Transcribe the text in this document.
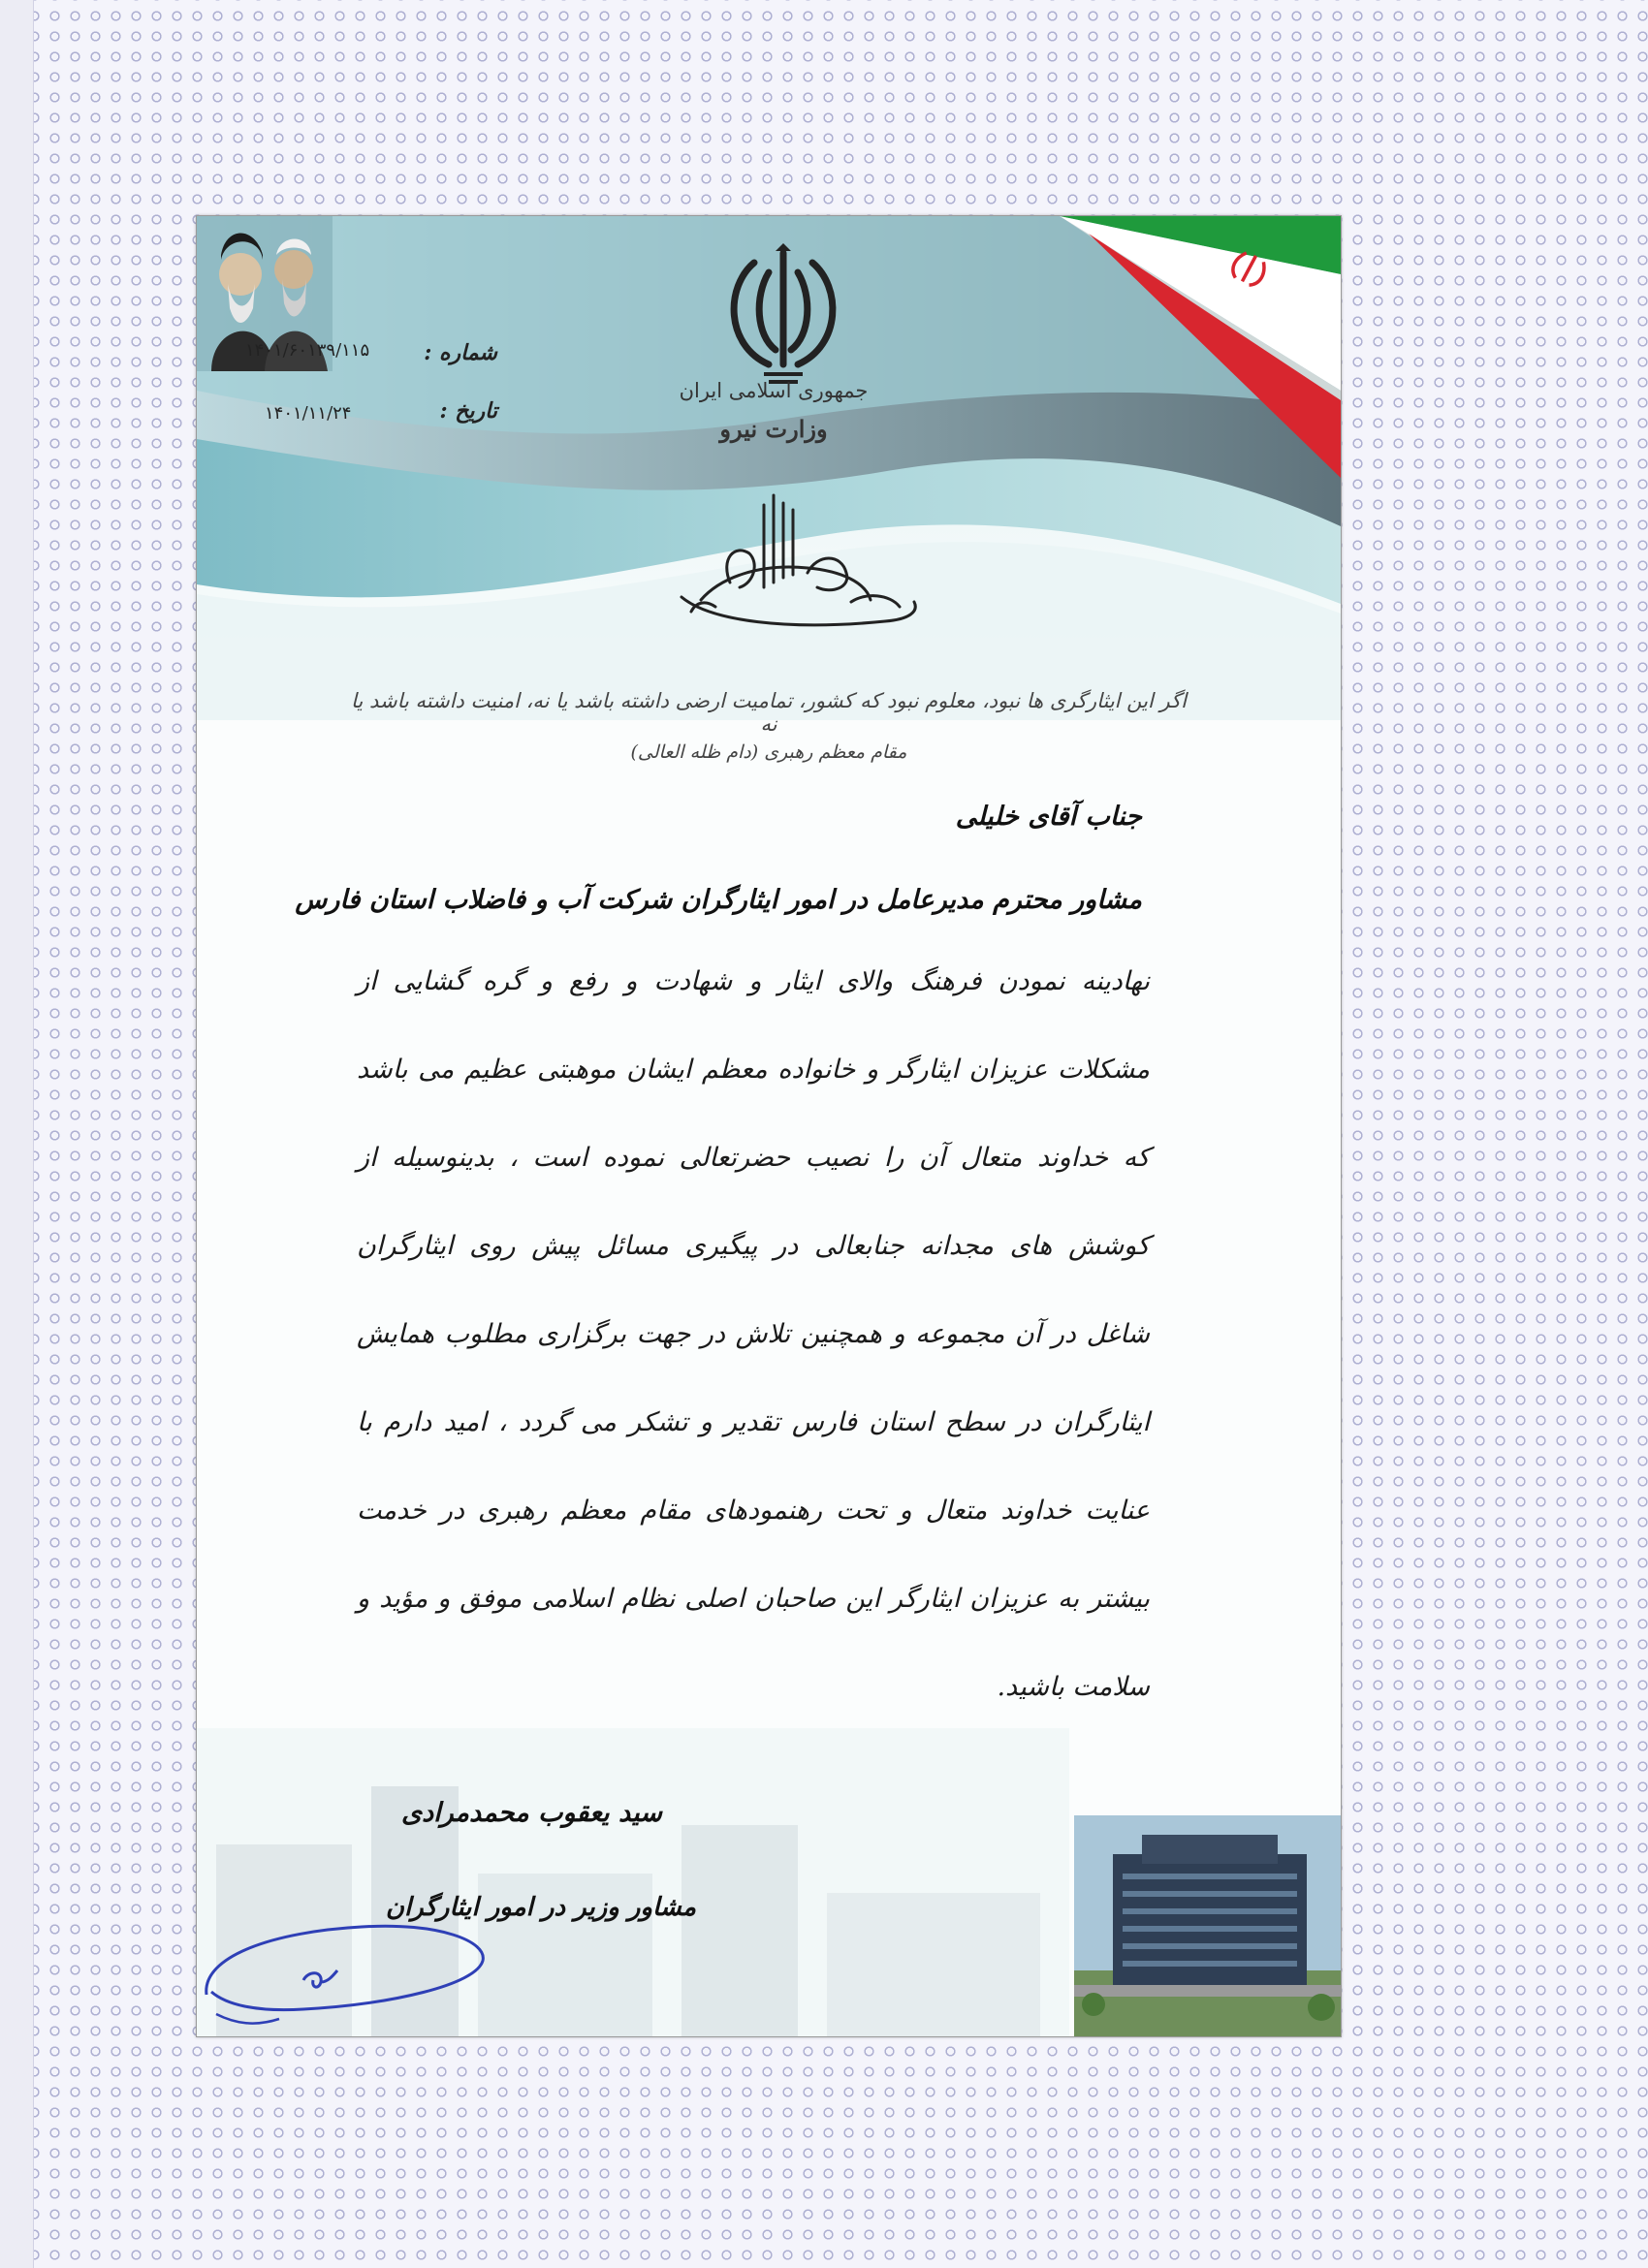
جمهوری اسلامی ایران
وزارت نیرو
شماره :
۱۴۰۱/۶۰۱۳۹/۱۱۵
تاریخ :
۱۴۰۱/۱۱/۲۴
اگر این ایثارگری ها نبود، معلوم نبود که کشور، تمامیت ارضی داشته باشد یا نه، امنیت داشته باشد یا نه
مقام معظم رهبری (دام ظله العالی)
جناب آقای خلیلی
مشاور محترم مدیرعامل در امور ایثارگران شرکت آب و فاضلاب استان فارس
نهادینه نمودن فرهنگ والای ایثار و شهادت و رفع و گره گشایی از مشکلات عزیزان ایثارگر و خانواده معظم ایشان موهبتی عظیم می باشد که خداوند متعال آن را نصیب حضرتعالی نموده است ، بدینوسیله از کوشش های مجدانه جنابعالی در پیگیری مسائل پیش روی ایثارگران شاغل در آن مجموعه و همچنین تلاش در جهت برگزاری مطلوب همایش ایثارگران در سطح استان فارس تقدیر و تشکر می گردد ، امید دارم با عنایت خداوند متعال و تحت رهنمودهای مقام معظم رهبری در خدمت بیشتر به عزیزان ایثارگر این صاحبان اصلی نظام اسلامی موفق و مؤید و سلامت باشید.
سید یعقوب محمدمرادی
مشاور وزیر در امور ایثارگران
